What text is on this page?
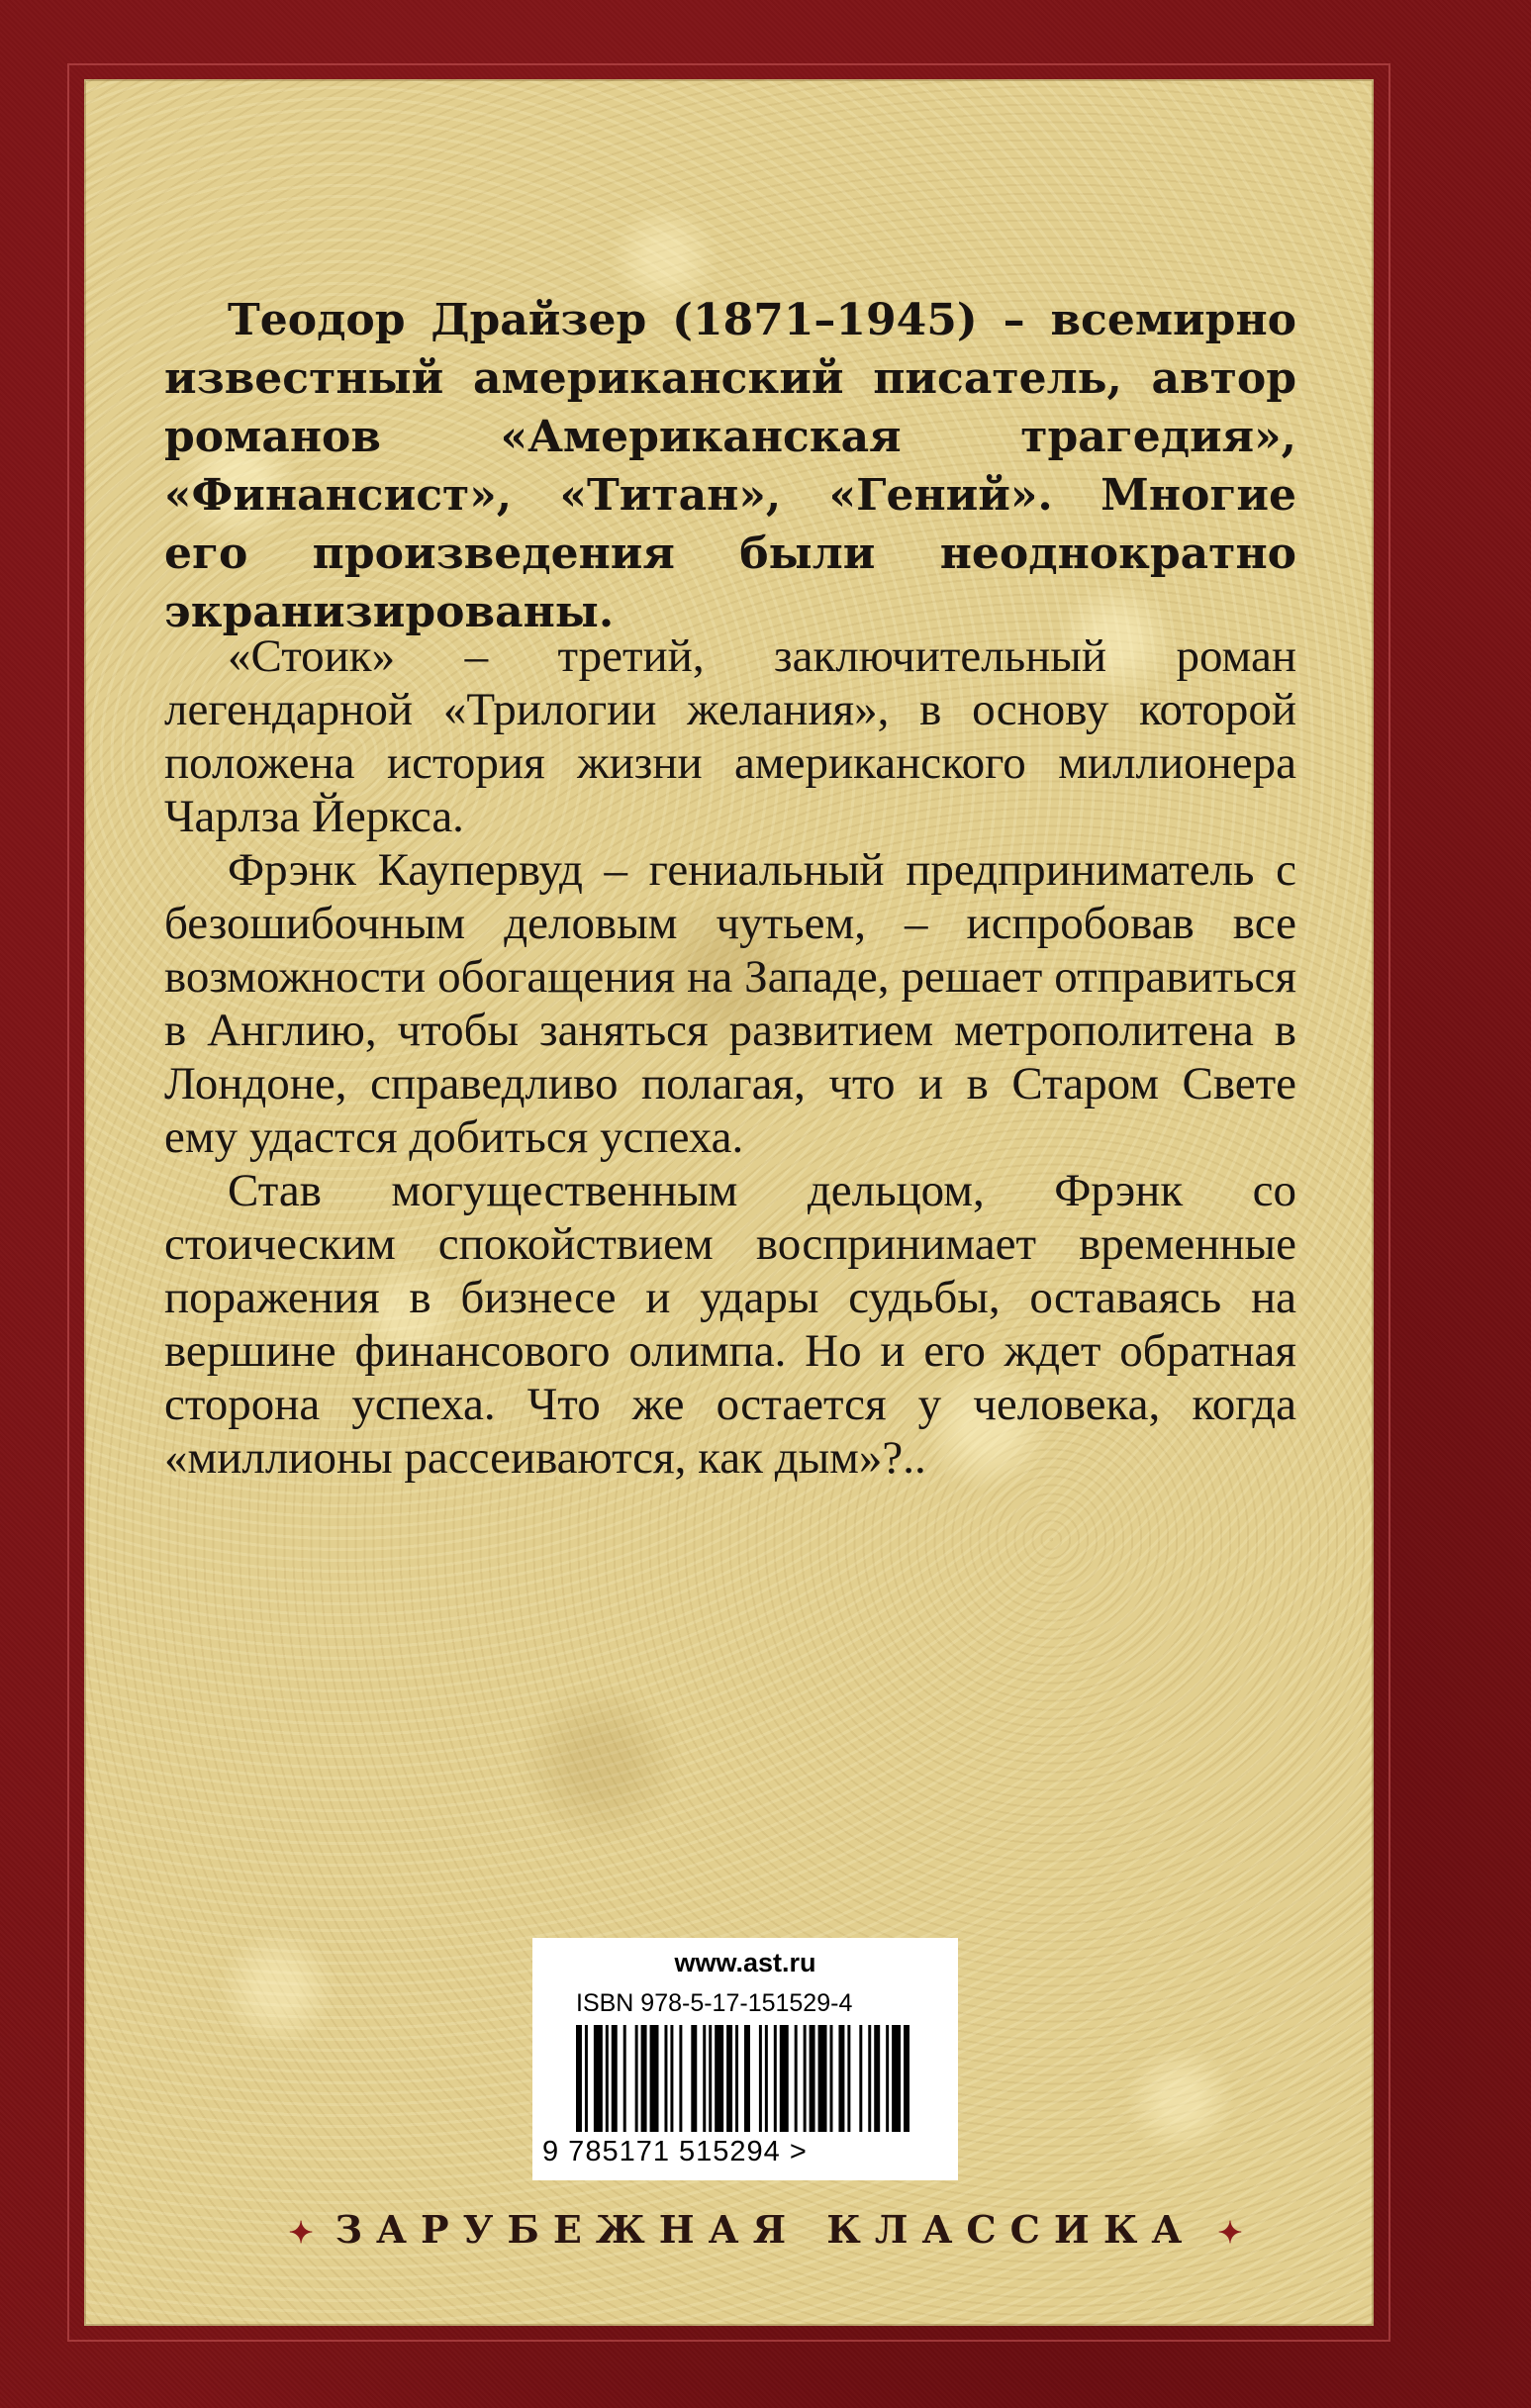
Теодор Драйзер (1871–1945) – всемирно известный американский писатель, автор романов «Американская трагедия», «Финансист», «Титан», «Гений». Многие его произведения были неоднократно экранизированы.

«Стоик» – третий, заключительный роман легендарной «Трилогии желания», в основу которой положена история жизни американского миллионера Чарлза Йеркса.

Фрэнк Каупервуд – гениальный предприниматель с безошибочным деловым чутьем, – испробовав все возможности обогащения на Западе, решает отправиться в Англию, чтобы заняться развитием метрополитена в Лондоне, справедливо полагая, что и в Старом Свете ему удастся добиться успеха.

Став могущественным дельцом, Фрэнк со стоическим спокойствием воспринимает временные поражения в бизнесе и удары судьбы, оставаясь на вершине финансового олимпа. Но и его ждет обратная сторона успеха. Что же остается у человека, когда «миллионы рассеиваются, как дым»?..

www.ast.ru
ISBN 978-5-17-151529-4
9 785171 515294 >
✦ ЗАРУБЕЖНАЯ КЛАССИКА ✦
